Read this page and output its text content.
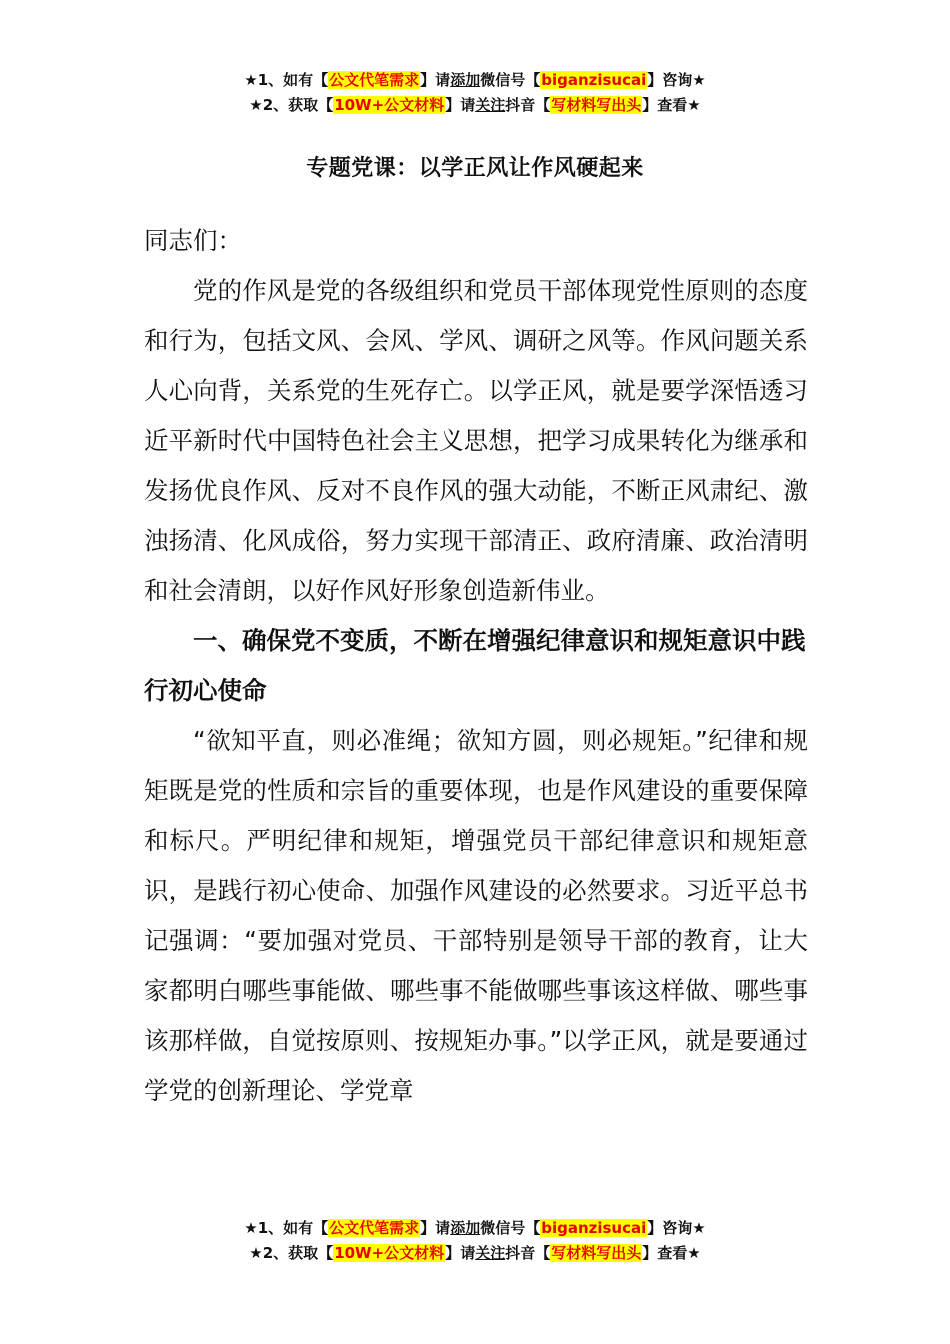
★1、如有【公文代笔需求】请添加微信号【biganzisucai】咨询★
★2、获取【10W+公文材料】请关注抖音【写材料写出头】查看★
专题党课：以学正风让作风硬起来

同志们：

党的作风是党的各级组织和党员干部体现党性原则的态度和行为，包括文风、会风、学风、调研之风等。作风问题关系人心向背，关系党的生死存亡。以学正风，就是要学深悟透习近平新时代中国特色社会主义思想，把学习成果转化为继承和发扬优良作风、反对不良作风的强大动能，不断正风肃纪、激浊扬清、化风成俗，努力实现干部清正、政府清廉、政治清明和社会清朗，以好作风好形象创造新伟业。

一、确保党不变质，不断在增强纪律意识和规矩意识中践行初心使命

“欲知平直，则必准绳；欲知方圆，则必规矩。”纪律和规矩既是党的性质和宗旨的重要体现，也是作风建设的重要保障和标尺。严明纪律和规矩，增强党员干部纪律意识和规矩意识，是践行初心使命、加强作风建设的必然要求。习近平总书记强调：“要加强对党员、干部特别是领导干部的教育，让大家都明白哪些事能做、哪些事不能做哪些事该这样做、哪些事该那样做，自觉按原则、按规矩办事。”以学正风，就是要通过学党的创新理论、学党章

★1、如有【公文代笔需求】请添加微信号【biganzisucai】咨询★
★2、获取【10W+公文材料】请关注抖音【写材料写出头】查看★
